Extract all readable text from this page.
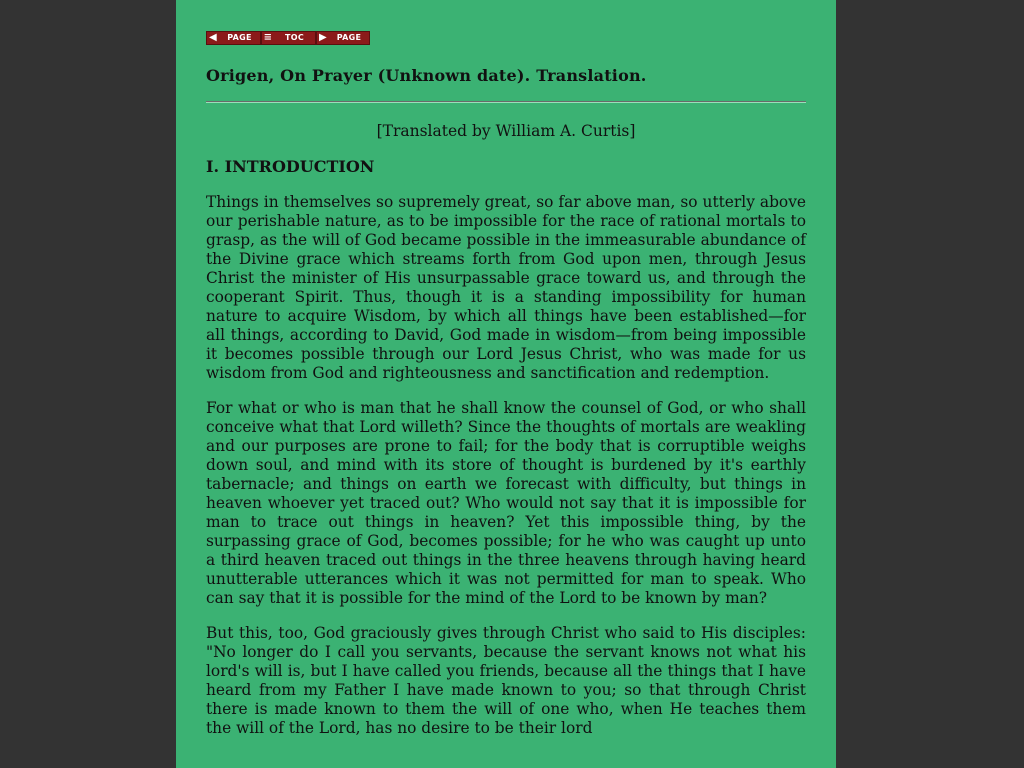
◀	PAGE	≡	TOC	▶	PAGE
Origen, On Prayer (Unknown date). Translation.
[Translated by William A. Curtis]
I. INTRODUCTION

Things in themselves so supremely great, so far above man, so utterly above our perishable nature, as to be impossible for the race of rational mortals to grasp, as the will of God became possible in the immeasurable abundance of the Divine grace which streams forth from God upon men, through Jesus Christ the minister of His unsurpassable grace toward us, and through the cooperant Spirit. Thus, though it is a standing impossibility for human nature to acquire Wisdom, by which all things have been established—for all things, according to David, God made in wisdom—from being impossible it becomes possible through our Lord Jesus Christ, who was made for us wisdom from God and righteousness and sanctification and redemption.

For what or who is man that he shall know the counsel of God, or who shall conceive what that Lord willeth? Since the thoughts of mortals are weakling and our purposes are prone to fail; for the body that is corruptible weighs down soul, and mind with its store of thought is burdened by it's earthly tabernacle; and things on earth we forecast with difficulty, but things in heaven whoever yet traced out? Who would not say that it is impossible for man to trace out things in heaven? Yet this impossible thing, by the surpassing grace of God, becomes possible; for he who was caught up unto a third heaven traced out things in the three heavens through having heard unutterable utterances which it was not permitted for man to speak. Who can say that it is possible for the mind of the Lord to be known by man?

But this, too, God graciously gives through Christ who said to His disciples: "No longer do I call you servants, because the servant knows not what his lord's will is, but I have called you friends, because all the things that I have heard from my Father I have made known to you; so that through Christ there is made known to them the will of one who, when He teaches them the will of the Lord, has no desire to be their lord
